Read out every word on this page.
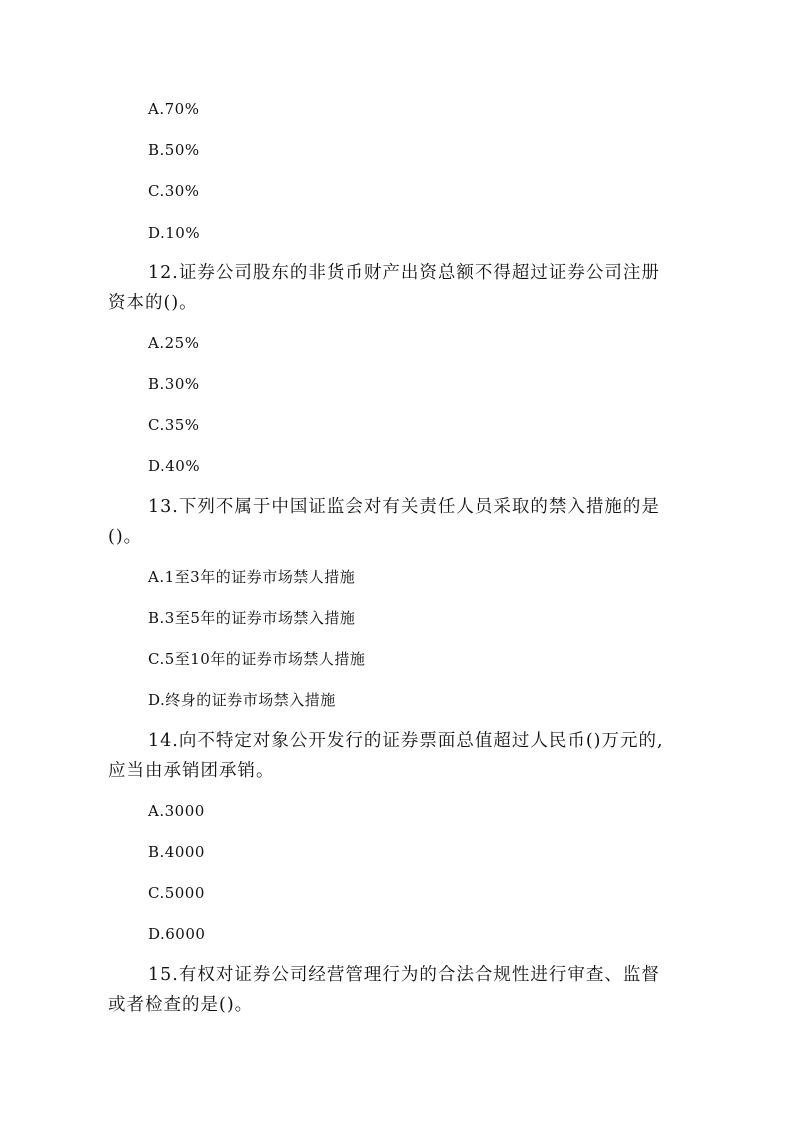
A.70%
B.50%
C.30%
D.10%
12.证券公司股东的非货币财产出资总额不得超过证券公司注册
资本的()。
A.25%
B.30%
C.35%
D.40%
13.下列不属于中国证监会对有关责任人员采取的禁入措施的是
()。
A.1至3年的证券市场禁人措施
B.3至5年的证券市场禁入措施
C.5至10年的证券市场禁人措施
D.终身的证券市场禁入措施
14.向不特定对象公开发行的证券票面总值超过人民币()万元的,
应当由承销团承销。
A.3000
B.4000
C.5000
D.6000
15.有权对证券公司经营管理行为的合法合规性进行审查、监督
或者检查的是()。
